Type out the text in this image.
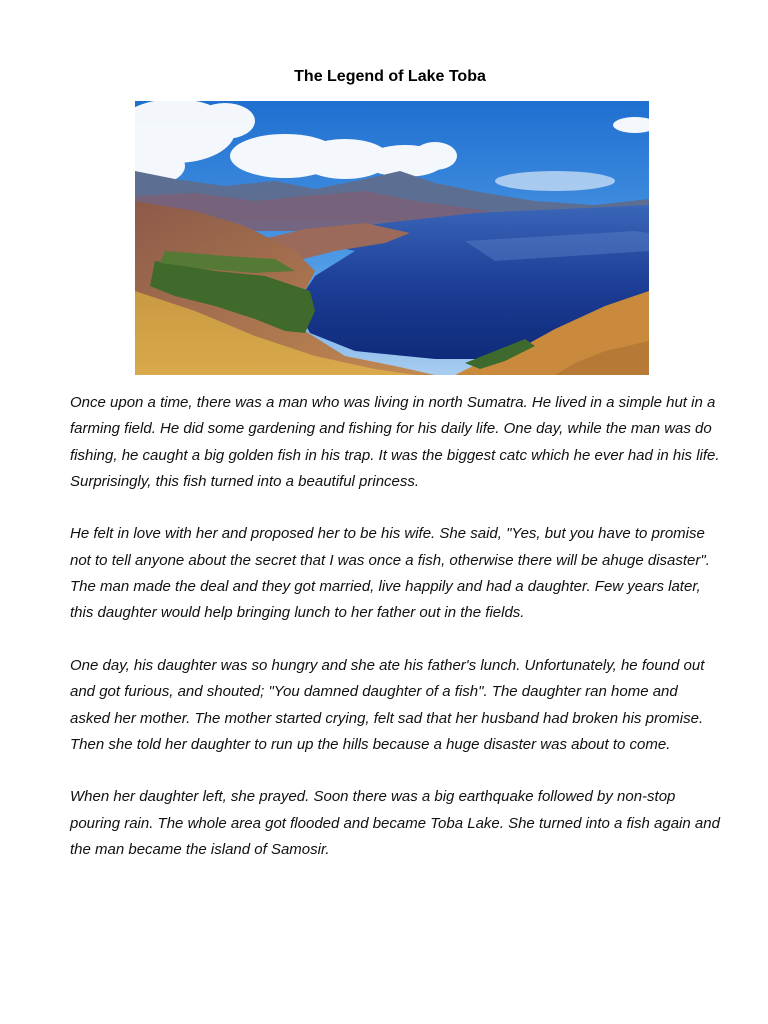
The Legend of Lake Toba

Once upon a time, there was a man who was living in north Sumatra. He lived in a simple hut in a farming field. He did some gardening and fishing for his daily life. One day, while the man was do fishing, he caught a big golden fish in his trap. It was the biggest catc which he ever had in his life. Surprisingly, this fish turned into a beautiful princess.

He felt in love with her and proposed her to be his wife. She said, "Yes, but you have to promise not to tell anyone about the secret that I was once a fish, otherwise there will be ahuge disaster". The man made the deal and they got married, live happily and had a daughter. Few years later, this daughter would help bringing lunch to her father out in the fields.

One day, his daughter was so hungry and she ate his father's lunch. Unfortunately, he found out and got furious, and shouted; "You damned daughter of a fish". The daughter ran home and asked her mother. The mother started crying, felt sad that her husband had broken his promise. Then she told her daughter to run up the hills because a huge disaster was about to come.

When her daughter left, she prayed. Soon there was a big earthquake followed by non-stop pouring rain. The whole area got flooded and became Toba Lake. She turned into a fish again and the man became the island of Samosir.
